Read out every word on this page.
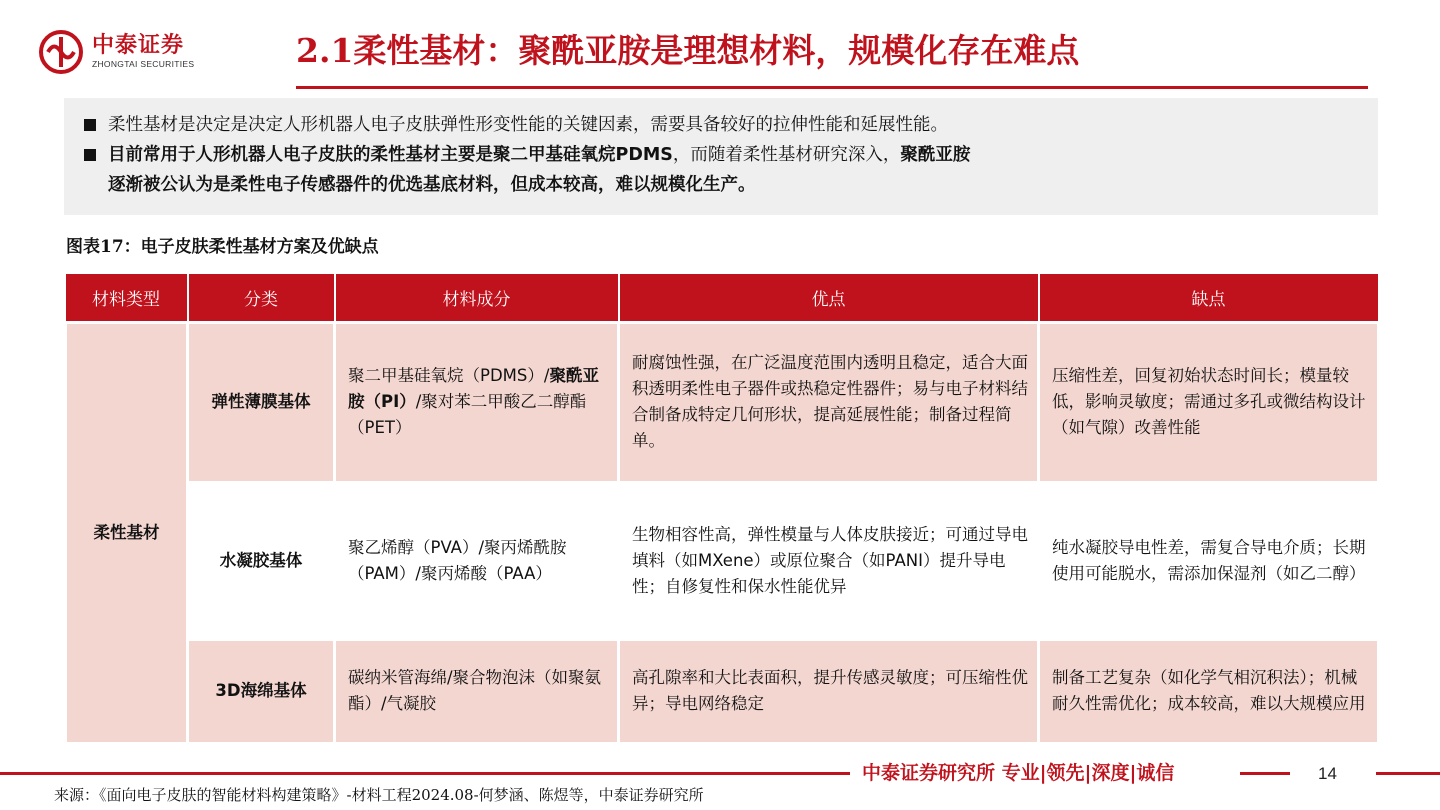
中泰证券
ZHONGTAI SECURITIES	2.1柔性基材：聚酰亚胺是理想材料，规模化存在难点
柔性基材是决定是决定人形机器人电子皮肤弹性形变性能的关键因素，需要具备较好的拉伸性能和延展性能。
目前常用于人形机器人电子皮肤的柔性基材主要是聚二甲基硅氧烷PDMS，而随着柔性基材研究深入，聚酰亚胺
逐渐被公认为是柔性电子传感器件的优选基底材料，但成本较高，难以规模化生产。
图表17：电子皮肤柔性基材方案及优缺点
材料类型	分类	材料成分	优点	缺点
柔性基材	弹性薄膜基体	聚二甲基硅氧烷（PDMS）/聚酰亚胺（PI）/聚对苯二甲酸乙二醇酯（PET）	耐腐蚀性强，在广泛温度范围内透明且稳定，适合大面积透明柔性电子器件或热稳定性器件；易与电子材料结合制备成特定几何形状，提高延展性能；制备过程简单。	压缩性差，回复初始状态时间长；模量较低，影响灵敏度；需通过多孔或微结构设计（如气隙）改善性能
	水凝胶基体	聚乙烯醇（PVA）/聚丙烯酰胺（PAM）/聚丙烯酸（PAA）	生物相容性高，弹性模量与人体皮肤接近；可通过导电填料（如MXene）或原位聚合（如PANI）提升导电性；自修复性和保水性能优异	纯水凝胶导电性差，需复合导电介质；长期使用可能脱水，需添加保湿剂（如乙二醇）
	3D海绵基体	碳纳米管海绵/聚合物泡沫（如聚氨酯）/气凝胶	高孔隙率和大比表面积，提升传感灵敏度；可压缩性优异；导电网络稳定	制备工艺复杂（如化学气相沉积法）；机械耐久性需优化；成本较高，难以大规模应用
中泰证券研究所 专业|领先|深度|诚信	14
来源：《面向电子皮肤的智能材料构建策略》-材料工程2024.08-何梦涵、陈煜等，中泰证券研究所
